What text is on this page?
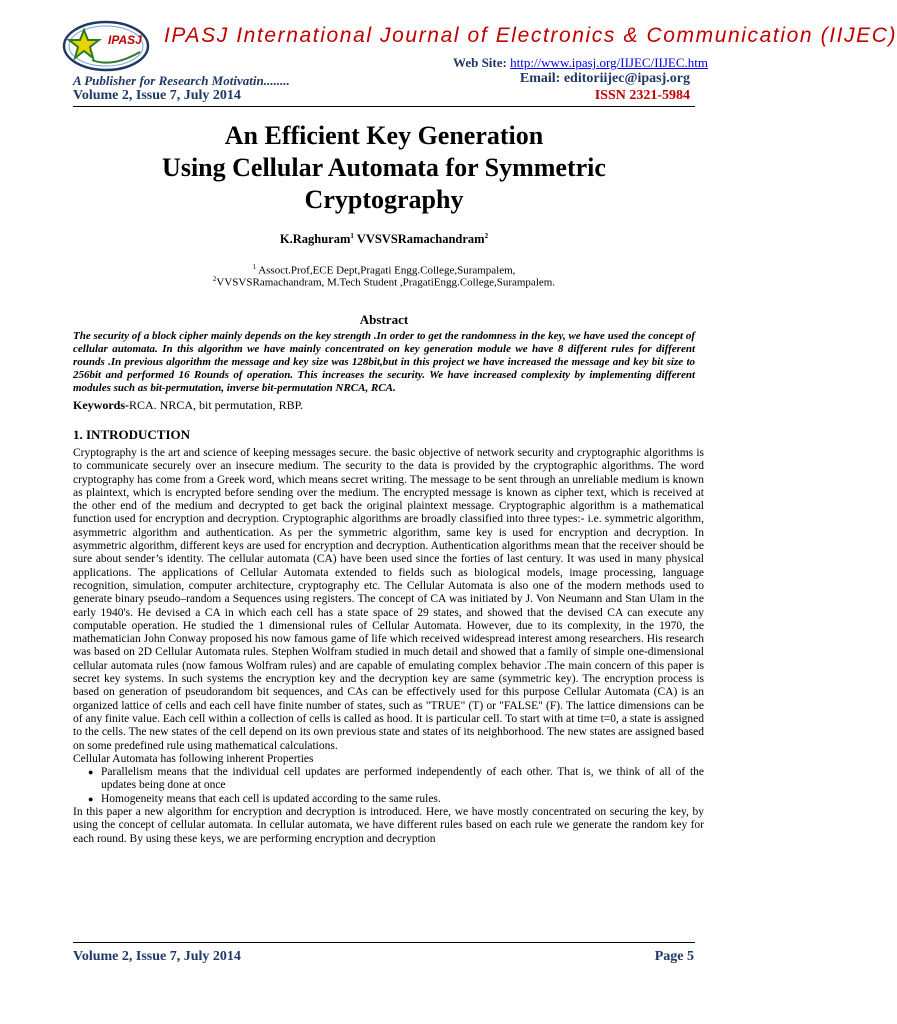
IPASJ IPASJ International Journal of Electronics & Communication (IIJEC)
Web Site: http://www.ipasj.org/IIJEC/IIJEC.htm
A Publisher for Research Motivatin........	Email: editoriijec@ipasj.org
Volume 2, Issue 7, July 2014	ISSN 2321-5984
An Efficient Key Generation
Using Cellular Automata for Symmetric
Cryptography
K.Raghuram$^1$ VVSVSRamachandram$^2$
$^1$ Assoct.Prof,ECE Dept,Pragati Engg.College,Surampalem,
$^2$VVSVSRamachandram, M.Tech Student ,PragatiEngg.College,Surampalem.
Abstract
The security of a block cipher mainly depends on the key strength .In order to get the randomness in the key, we have used the concept of cellular automata. In this algorithm we have mainly concentrated on key generation module we have 8 different rules for different rounds .In previous algorithm the message and key size was 128bit,but in this project we have increased the message and key bit size to 256bit and performed 16 Rounds of operation. This increases the security. We have increased complexity by implementing different modules such as bit-permutation, inverse bit-permutation NRCA, RCA.
Keywords-RCA. NRCA, bit permutation, RBP.
1. INTRODUCTION

Cryptography is the art and science of keeping messages secure. the basic objective of network security and cryptographic algorithms is to communicate securely over an insecure medium. The security to the data is provided by the cryptographic algorithms. The word cryptography has come from a Greek word, which means secret writing. The message to be sent through an unreliable medium is known as plaintext, which is encrypted before sending over the medium. The encrypted message is known as cipher text, which is received at the other end of the medium and decrypted to get back the original plaintext message. Cryptographic algorithm is a mathematical function used for encryption and decryption. Cryptographic algorithms are broadly classified into three types:- i.e. symmetric algorithm, asymmetric algorithm and authentication. As per the symmetric algorithm, same key is used for encryption and decryption. In asymmetric algorithm, different keys are used for encryption and decryption. Authentication algorithms mean that the receiver should be sure about sender’s identity. The cellular automata (CA) have been used since the forties of last century. It was used in many physical applications. The applications of Cellular Automata extended to fields such as biological models, image processing, language recognition, simulation, computer architecture, cryptography etc. The Cellular Automata is also one of the modern methods used to generate binary pseudo–random a Sequences using registers. The concept of CA was initiated by J. Von Neumann and Stan Ulam in the early 1940's. He devised a CA in which each cell has a state space of 29 states, and showed that the devised CA can execute any computable operation. He studied the 1 dimensional rules of Cellular Automata. However, due to its complexity, in the 1970, the mathematician John Conway proposed his now famous game of life which received widespread interest among researchers. His research was based on 2D Cellular Automata rules. Stephen Wolfram studied in much detail and showed that a family of simple one-dimensional cellular automata rules (now famous Wolfram rules) and are capable of emulating complex behavior .The main concern of this paper is secret key systems. In such systems the encryption key and the decryption key are same (symmetric key). The encryption process is based on generation of pseudorandom bit sequences, and CAs can be effectively used for this purpose Cellular Automata (CA) is an organized lattice of cells and each cell have finite number of states, such as "TRUE" (T) or "FALSE" (F). The lattice dimensions can be of any finite value. Each cell within a collection of cells is called as hood. It is particular cell. To start with at time t=0, a state is assigned to the cells. The new states of the cell depend on its own previous state and states of its neighborhood. The new states are assigned based on some predefined rule using mathematical calculations.

Cellular Automata has following inherent Properties

● Parallelism means that the individual cell updates are performed independently of each other. That is, we think of all of the updates being done at once
● Homogeneity means that each cell is updated according to the same rules.

In this paper a new algorithm for encryption and decryption is introduced. Here, we have mostly concentrated on securing the key, by using the concept of cellular automata. In cellular automata, we have different rules based on each rule we generate the random key for each round. By using these keys, we are performing encryption and decryption

Volume 2, Issue 7, July 2014	Page 5
